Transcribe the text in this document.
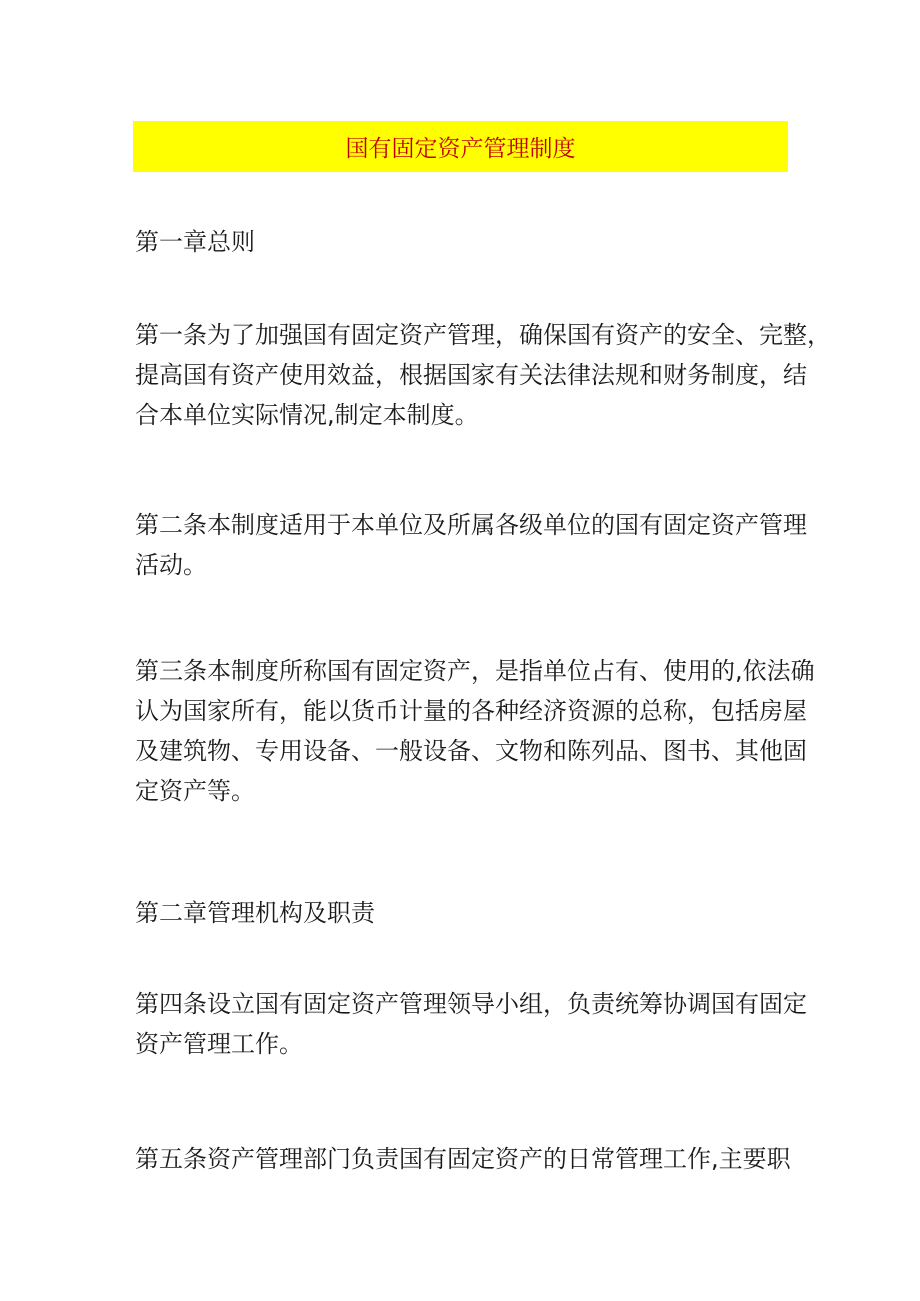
国有固定资产管理制度
第一章总则
第一条为了加强国有固定资产管理，确保国有资产的安全、完整，
提高国有资产使用效益，根据国家有关法律法规和财务制度，结
合本单位实际情况,制定本制度。
第二条本制度适用于本单位及所属各级单位的国有固定资产管理
活动。
第三条本制度所称国有固定资产，是指单位占有、使用的,依法确
认为国家所有，能以货币计量的各种经济资源的总称，包括房屋
及建筑物、专用设备、一般设备、文物和陈列品、图书、其他固
定资产等。
第二章管理机构及职责
第四条设立国有固定资产管理领导小组，负责统筹协调国有固定
资产管理工作。
第五条资产管理部门负责国有固定资产的日常管理工作,主要职
